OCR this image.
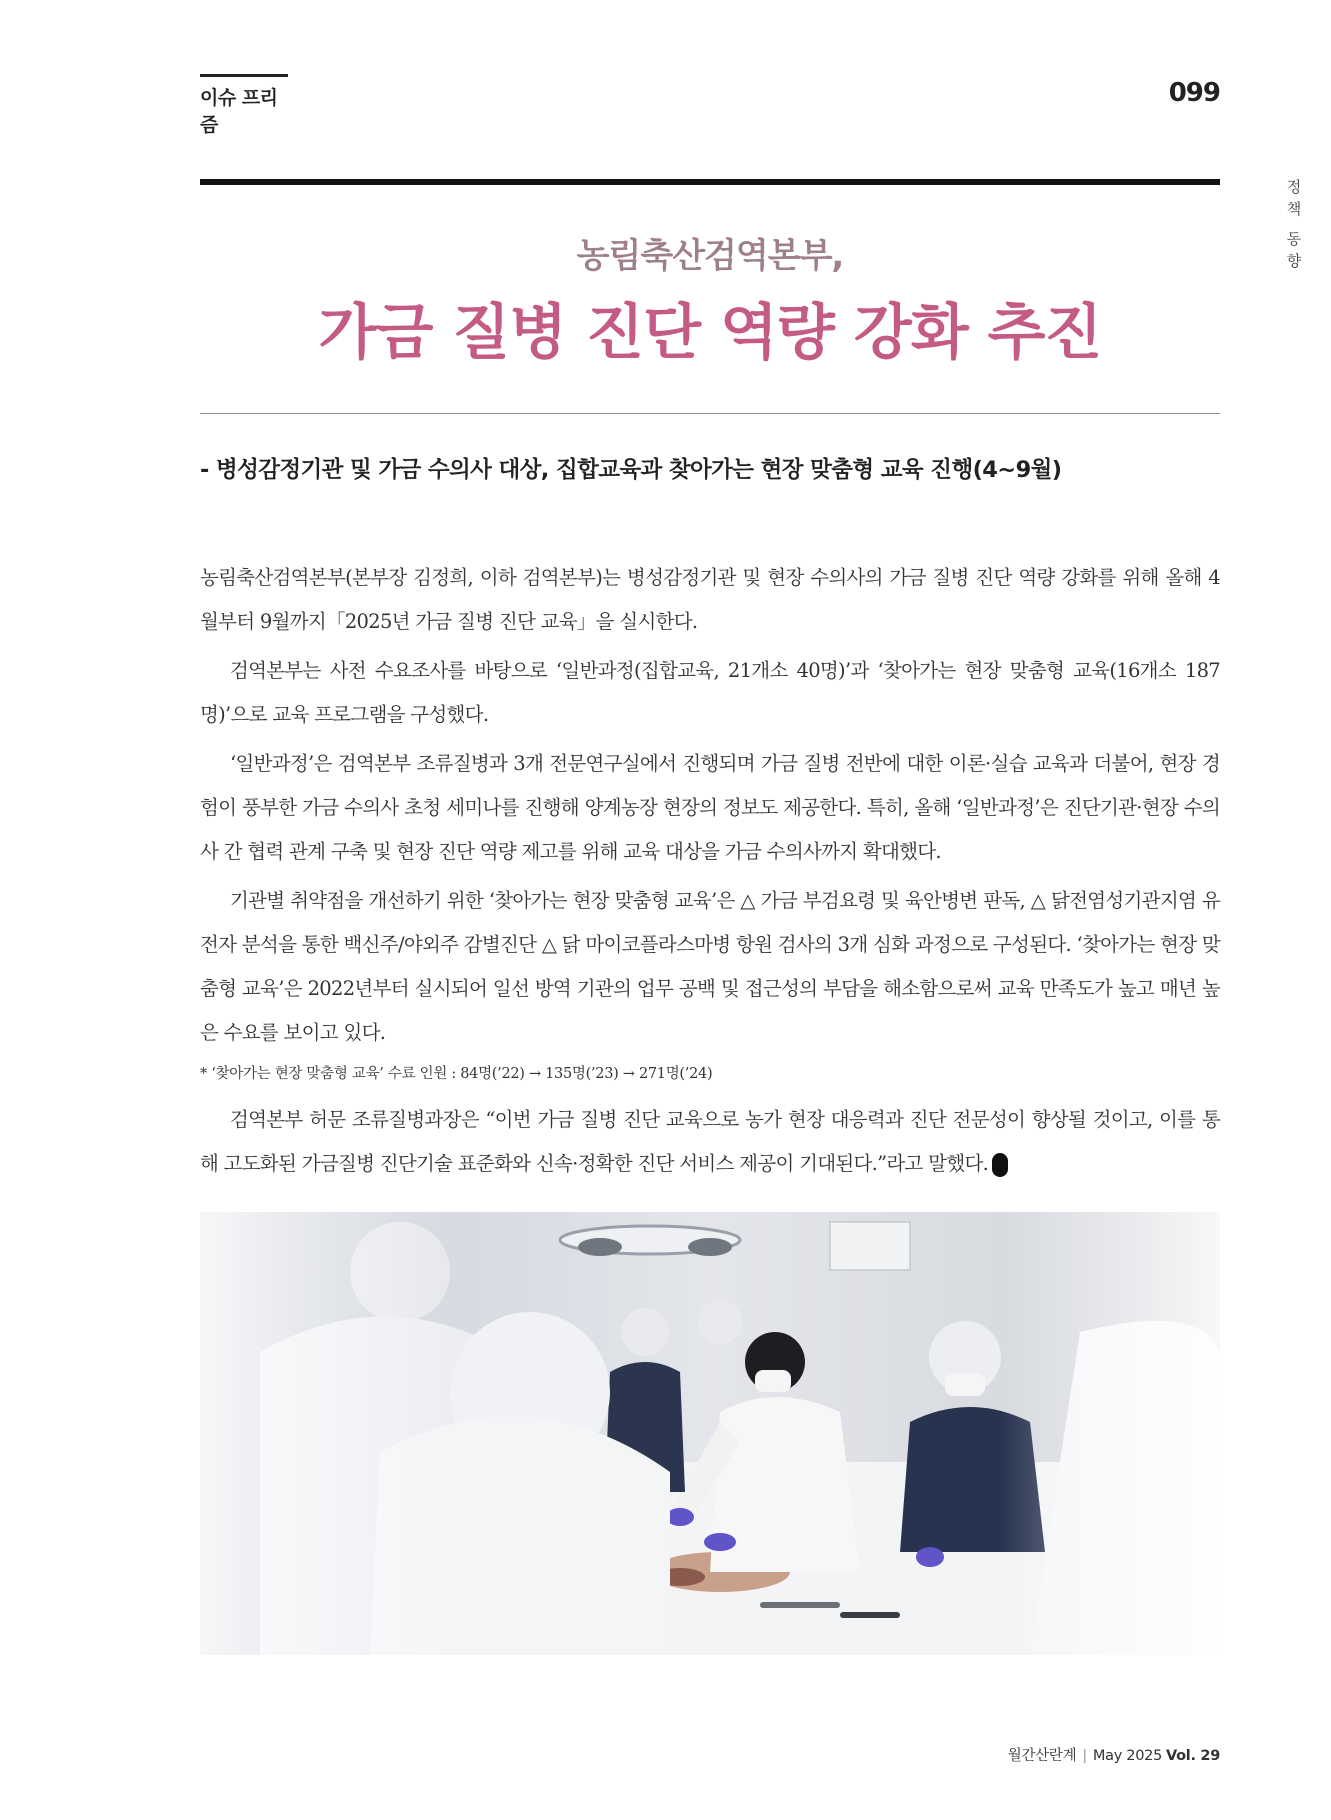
이슈 프리즘
099
정
책
동
향
농림축산검역본부,
가금 질병 진단 역량 강화 추진
- 병성감정기관 및 가금 수의사 대상, 집합교육과 찾아가는 현장 맞춤형 교육 진행(4~9월)

농림축산검역본부(본부장 김정희, 이하 검역본부)는 병성감정기관 및 현장 수의사의 가금 질병 진단 역량 강화를 위해 올해 4월부터 9월까지「2025년 가금 질병 진단 교육」을 실시한다.

검역본부는 사전 수요조사를 바탕으로 ‘일반과정(집합교육, 21개소 40명)’과 ‘찾아가는 현장 맞춤형 교육(16개소 187명)’으로 교육 프로그램을 구성했다.

‘일반과정’은 검역본부 조류질병과 3개 전문연구실에서 진행되며 가금 질병 전반에 대한 이론·실습 교육과 더불어, 현장 경험이 풍부한 가금 수의사 초청 세미나를 진행해 양계농장 현장의 정보도 제공한다. 특히, 올해 ‘일반과정’은 진단기관·현장 수의사 간 협력 관계 구축 및 현장 진단 역량 제고를 위해 교육 대상을 가금 수의사까지 확대했다.

기관별 취약점을 개선하기 위한 ‘찾아가는 현장 맞춤형 교육’은 △ 가금 부검요령 및 육안병변 판독, △ 닭전염성기관지염 유전자 분석을 통한 백신주/야외주 감별진단 △ 닭 마이코플라스마병 항원 검사의 3개 심화 과정으로 구성된다. ‘찾아가는 현장 맞춤형 교육’은 2022년부터 실시되어 일선 방역 기관의 업무 공백 및 접근성의 부담을 해소함으로써 교육 만족도가 높고 매년 높은 수요를 보이고 있다.

* ‘찾아가는 현장 맞춤형 교육’ 수료 인원 : 84명(’22) → 135명(’23) → 271명(’24)

검역본부 허문 조류질병과장은 “이번 가금 질병 진단 교육으로 농가 현장 대응력과 진단 전문성이 향상될 것이고, 이를 통해 고도화된 가금질병 진단기술 표준화와 신속·정확한 진단 서비스 제공이 기대된다.”라고 말했다.	산관

월간산란계 | May 2025 Vol. 29
